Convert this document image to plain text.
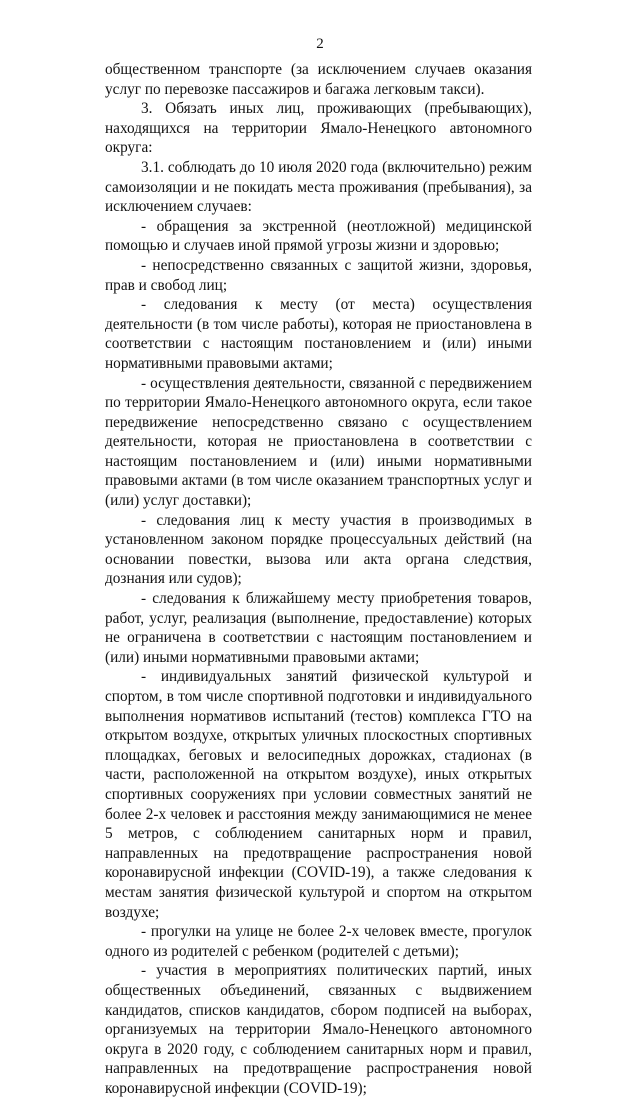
2

общественном транспорте (за исключением случаев оказания услуг по перевозке пассажиров и багажа легковым такси).

3. Обязать иных лиц, проживающих (пребывающих), находящихся на территории Ямало-Ненецкого автономного округа:

3.1. соблюдать до 10 июля 2020 года (включительно) режим самоизоляции и не покидать места проживания (пребывания), за исключением случаев:

- обращения за экстренной (неотложной) медицинской помощью и случаев иной прямой угрозы жизни и здоровью;

- непосредственно связанных с защитой жизни, здоровья, прав и свобод лиц;

- следования к месту (от места) осуществления деятельности (в том числе работы), которая не приостановлена в соответствии с настоящим постановлением и (или) иными нормативными правовыми актами;

- осуществления деятельности, связанной с передвижением по территории Ямало-Ненецкого автономного округа, если такое передвижение непосредственно связано с осуществлением деятельности, которая не приостановлена в соответствии с настоящим постановлением и (или) иными нормативными правовыми актами (в том числе оказанием транспортных услуг и (или) услуг доставки);

- следования лиц к месту участия в производимых в установленном законом порядке процессуальных действий (на основании повестки, вызова или акта органа следствия, дознания или судов);

- следования к ближайшему месту приобретения товаров, работ, услуг, реализация (выполнение, предоставление) которых не ограничена в соответствии с настоящим постановлением и (или) иными нормативными правовыми актами;

- индивидуальных занятий физической культурой и спортом, в том числе спортивной подготовки и индивидуального выполнения нормативов испытаний (тестов) комплекса ГТО на открытом воздухе, открытых уличных плоскостных спортивных площадках, беговых и велосипедных дорожках, стадионах (в части, расположенной на открытом воздухе), иных открытых спортивных сооружениях при условии совместных занятий не более 2-х человек и расстояния между занимающимися не менее 5 метров, с соблюдением санитарных норм и правил, направленных на предотвращение распространения новой коронавирусной инфекции (COVID-19), а также следования к местам занятия физической культурой и спортом на открытом воздухе;

- прогулки на улице не более 2-х человек вместе, прогулок одного из родителей с ребенком (родителей с детьми);

- участия в мероприятиях политических партий, иных общественных объединений, связанных с выдвижением кандидатов, списков кандидатов, сбором подписей на выборах, организуемых на территории Ямало-Ненецкого автономного округа в 2020 году, с соблюдением санитарных норм и правил, направленных на предотвращение распространения новой коронавирусной инфекции (COVID-19);
